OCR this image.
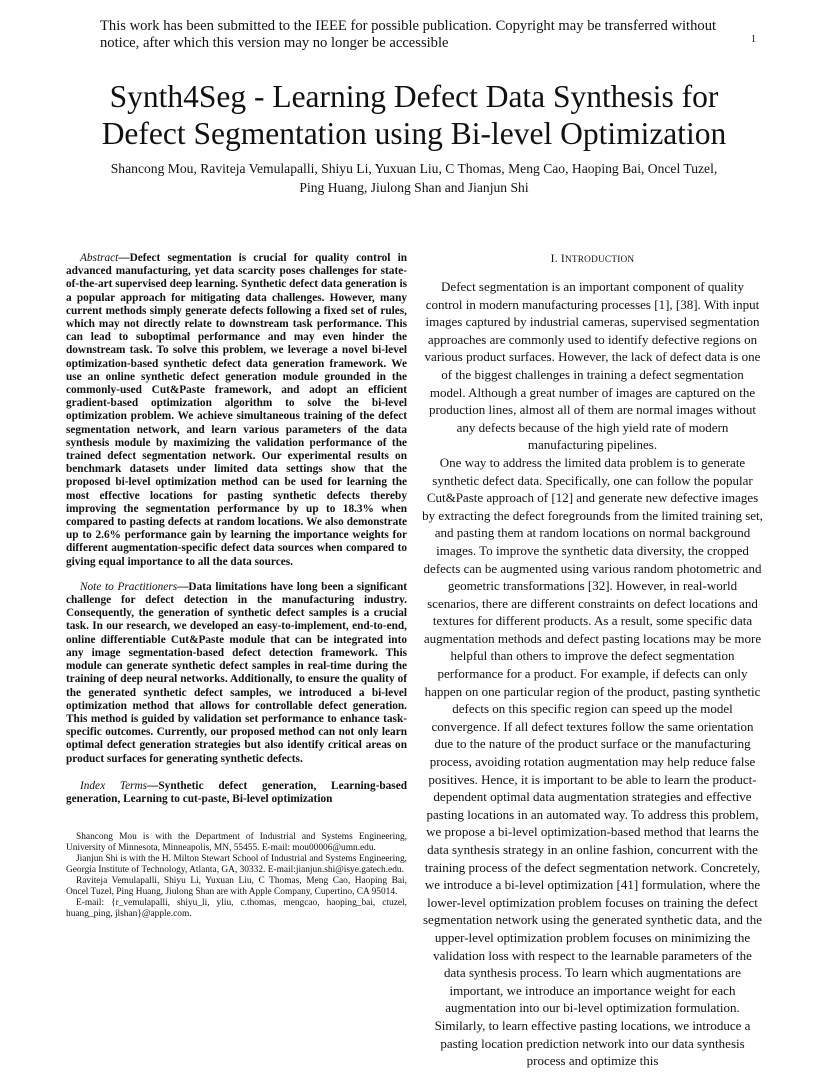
This work has been submitted to the IEEE for possible publication. Copyright may be transferred without notice, after which this version may no longer be accessible	1
Synth4Seg - Learning Defect Data Synthesis for
Defect Segmentation using Bi-level Optimization
Shancong Mou, Raviteja Vemulapalli, Shiyu Li, Yuxuan Liu, C Thomas, Meng Cao, Haoping Bai, Oncel Tuzel,
Ping Huang, Jiulong Shan and Jianjun Shi

Abstract—Defect segmentation is crucial for quality control in advanced manufacturing, yet data scarcity poses challenges for state-of-the-art supervised deep learning. Synthetic defect data generation is a popular approach for mitigating data challenges. However, many current methods simply generate defects following a fixed set of rules, which may not directly relate to downstream task performance. This can lead to suboptimal performance and may even hinder the downstream task. To solve this problem, we leverage a novel bi-level optimization-based synthetic defect data generation framework. We use an online synthetic defect generation module grounded in the commonly-used Cut&Paste framework, and adopt an efficient gradient-based optimization algorithm to solve the bi-level optimization problem. We achieve simultaneous training of the defect segmentation network, and learn various parameters of the data synthesis module by maximizing the validation performance of the trained defect segmentation network. Our experimental results on benchmark datasets under limited data settings show that the proposed bi-level optimization method can be used for learning the most effective locations for pasting synthetic defects thereby improving the segmentation performance by up to 18.3% when compared to pasting defects at random locations. We also demonstrate up to 2.6% performance gain by learning the importance weights for different augmentation-specific defect data sources when compared to giving equal importance to all the data sources.

Note to Practitioners—Data limitations have long been a significant challenge for defect detection in the manufacturing industry. Consequently, the generation of synthetic defect samples is a crucial task. In our research, we developed an easy-to-implement, end-to-end, online differentiable Cut&Paste module that can be integrated into any image segmentation-based defect detection framework. This module can generate synthetic defect samples in real-time during the training of deep neural networks. Additionally, to ensure the quality of the generated synthetic defect samples, we introduced a bi-level optimization method that allows for controllable defect generation. This method is guided by validation set performance to enhance task-specific outcomes. Currently, our proposed method can not only learn optimal defect generation strategies but also identify critical areas on product surfaces for generating synthetic defects.

Index Terms—Synthetic defect generation, Learning-based generation, Learning to cut-paste, Bi-level optimization

Shancong Mou is with the Department of Industrial and Systems Engineering, University of Minnesota, Minneapolis, MN, 55455. E-mail: mou00006@umn.edu.

Jianjun Shi is with the H. Milton Stewart School of Industrial and Systems Engineering, Georgia Institute of Technology, Atlanta, GA, 30332. E-mail:jianjun.shi@isye.gatech.edu.

Raviteja Vemulapalli, Shiyu Li, Yuxuan Liu, C Thomas, Meng Cao, Haoping Bai, Oncel Tuzel, Ping Huang, Jiulong Shan are with Apple Company, Cupertino, CA 95014.

E-mail: {r_vemulapalli, shiyu_li, yliu, c.thomas, mengcao, haoping_bai, ctuzel, huang_ping, jlshan}@apple.com.

I. INTRODUCTION

Defect segmentation is an important component of quality control in modern manufacturing processes [1], [38]. With input images captured by industrial cameras, supervised segmentation approaches are commonly used to identify defective regions on various product surfaces. However, the lack of defect data is one of the biggest challenges in training a defect segmentation model. Although a great number of images are captured on the production lines, almost all of them are normal images without any defects because of the high yield rate of modern manufacturing pipelines.

One way to address the limited data problem is to generate synthetic defect data. Specifically, one can follow the popular Cut&Paste approach of [12] and generate new defective images by extracting the defect foregrounds from the limited training set, and pasting them at random locations on normal background images. To improve the synthetic data diversity, the cropped defects can be augmented using various random photometric and geometric transformations [32]. However, in real-world scenarios, there are different constraints on defect locations and textures for different products. As a result, some specific data augmentation methods and defect pasting locations may be more helpful than others to improve the defect segmentation performance for a product. For example, if defects can only happen on one particular region of the product, pasting synthetic defects on this specific region can speed up the model convergence. If all defect textures follow the same orientation due to the nature of the product surface or the manufacturing process, avoiding rotation augmentation may help reduce false positives. Hence, it is important to be able to learn the product-dependent optimal data augmentation strategies and effective pasting locations in an automated way. To address this problem, we propose a bi-level optimization-based method that learns the data synthesis strategy in an online fashion, concurrent with the training process of the defect segmentation network. Concretely, we introduce a bi-level optimization [41] formulation, where the lower-level optimization problem focuses on training the defect segmentation network using the generated synthetic data, and the upper-level optimization problem focuses on minimizing the validation loss with respect to the learnable parameters of the data synthesis process. To learn which augmentations are important, we introduce an importance weight for each augmentation into our bi-level optimization formulation. Similarly, to learn effective pasting locations, we introduce a pasting location prediction network into our data synthesis process and optimize this
